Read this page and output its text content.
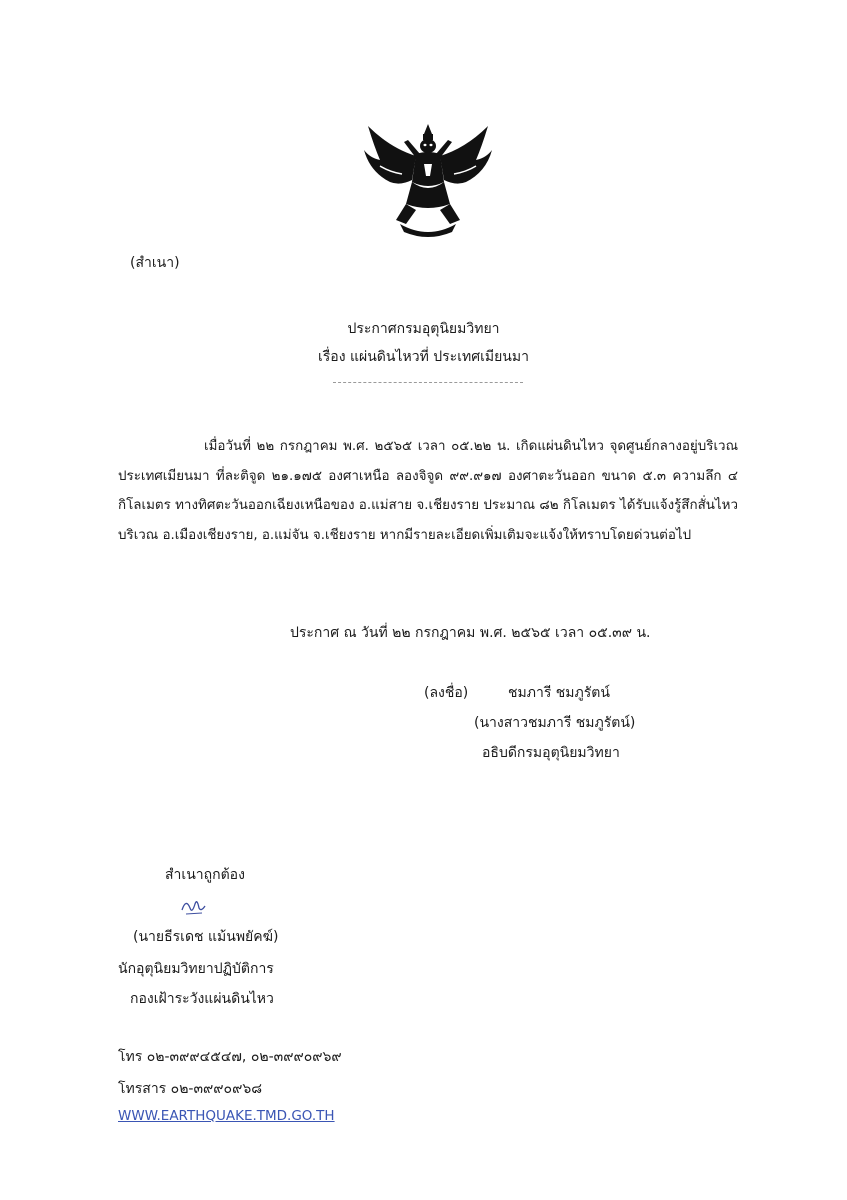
(สำเนา)
ประกาศกรมอุตุนิยมวิทยา
เรื่อง แผ่นดินไหวที่ ประเทศเมียนมา
เมื่อวันที่ ๒๒ กรกฎาคม พ.ศ. ๒๕๖๕ เวลา ๐๕.๒๒ น. เกิดแผ่นดินไหว จุดศูนย์กลางอยู่บริเวณ ประเทศเมียนมา ที่ละติจูด ๒๑.๑๗๕ องศาเหนือ ลองจิจูด ๙๙.๙๑๗ องศาตะวันออก ขนาด ๕.๓ ความลึก ๔ กิโลเมตร ทางทิศตะวันออกเฉียงเหนือของ อ.แม่สาย จ.เชียงราย ประมาณ ๘๒ กิโลเมตร ได้รับแจ้งรู้สึกสั่นไหวบริเวณ อ.เมืองเชียงราย, อ.แม่จัน จ.เชียงราย หากมีรายละเอียดเพิ่มเติมจะแจ้งให้ทราบโดยด่วนต่อไป
ประกาศ ณ วันที่ ๒๒ กรกฎาคม พ.ศ. ๒๕๖๕ เวลา ๐๕.๓๙ น.
(ลงชื่อ)	ชมภารี ชมภูรัตน์
(นางสาวชมภารี ชมภูรัตน์)
อธิบดีกรมอุตุนิยมวิทยา
สำเนาถูกต้อง
(นายธีรเดช แม้นพยัคฆ์)
นักอุตุนิยมวิทยาปฏิบัติการ
กองเฝ้าระวังแผ่นดินไหว
โทร ๐๒-๓๙๙๔๕๔๗, ๐๒-๓๙๙๐๙๖๙
โทรสาร ๐๒-๓๙๙๐๙๖๘
WWW.EARTHQUAKE.TMD.GO.TH
